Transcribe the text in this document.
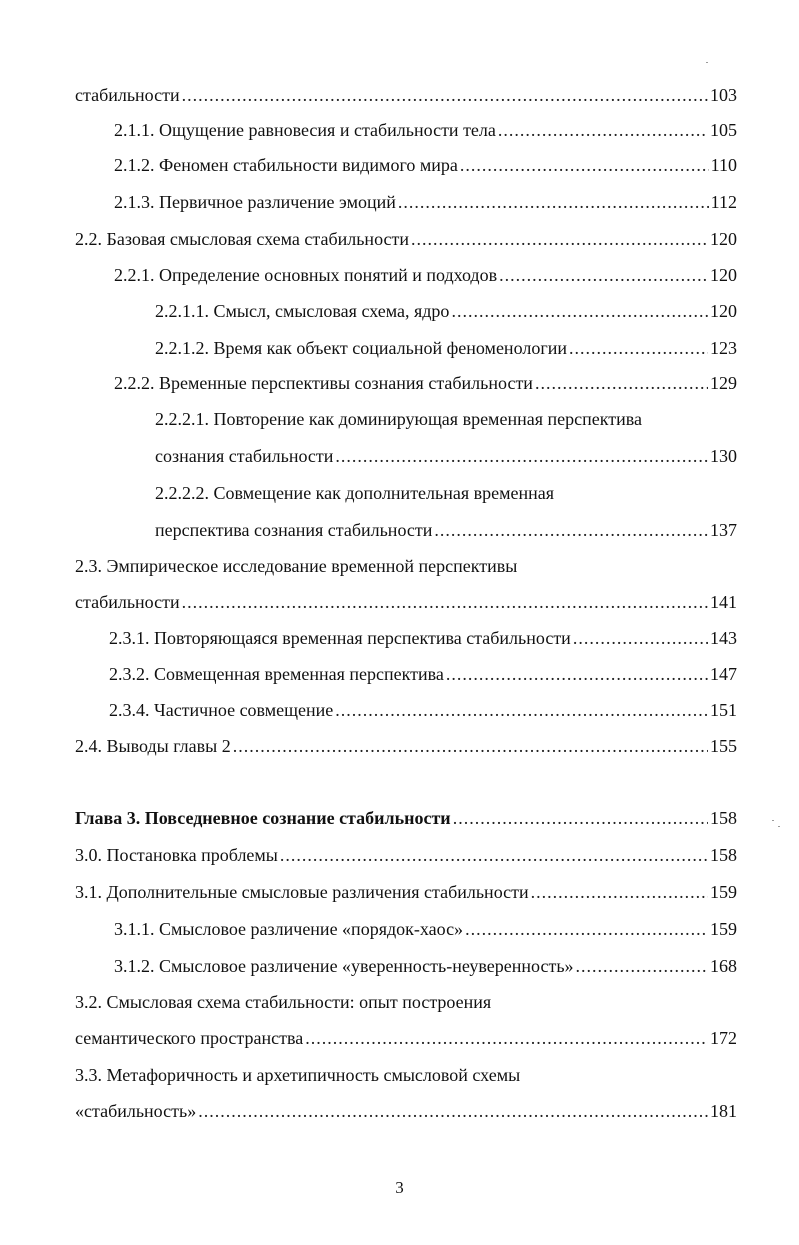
стабильности .....	103
2.1.1. Ощущение равновесия и стабильности тела .....	105
2.1.2. Феномен стабильности видимого мира .....	110
2.1.3. Первичное различение эмоций .....	112
2.2. Базовая смысловая схема стабильности .....	120
2.2.1. Определение основных понятий и подходов .....	120
2.2.1.1. Смысл, смысловая схема, ядро .....	120
2.2.1.2. Время как объект социальной феноменологии .....	123
2.2.2. Временные перспективы сознания стабильности .....	129
2.2.2.1. Повторение как доминирующая временная перспектива
сознания стабильности .....	130
2.2.2.2. Совмещение как дополнительная временная
перспектива сознания стабильности .....	137
2.3. Эмпирическое исследование временной перспективы
стабильности .....	141
2.3.1. Повторяющаяся временная перспектива стабильности .....	143
2.3.2. Совмещенная временная перспектива .....	147
2.3.4. Частичное совмещение .....	151
2.4. Выводы главы 2 .....	155
Глава 3. Повседневное сознание стабильности .....	158
3.0. Постановка проблемы .....	158
3.1. Дополнительные смысловые различения стабильности .....	159
3.1.1. Смысловое различение «порядок-хаос» .....	159
3.1.2. Смысловое различение «уверенность-неуверенность» .....	168
3.2. Смысловая схема стабильности: опыт построения
семантического пространства .....	172
3.3. Метафоричность и архетипичность смысловой схемы
«стабильность» .....	181
3
